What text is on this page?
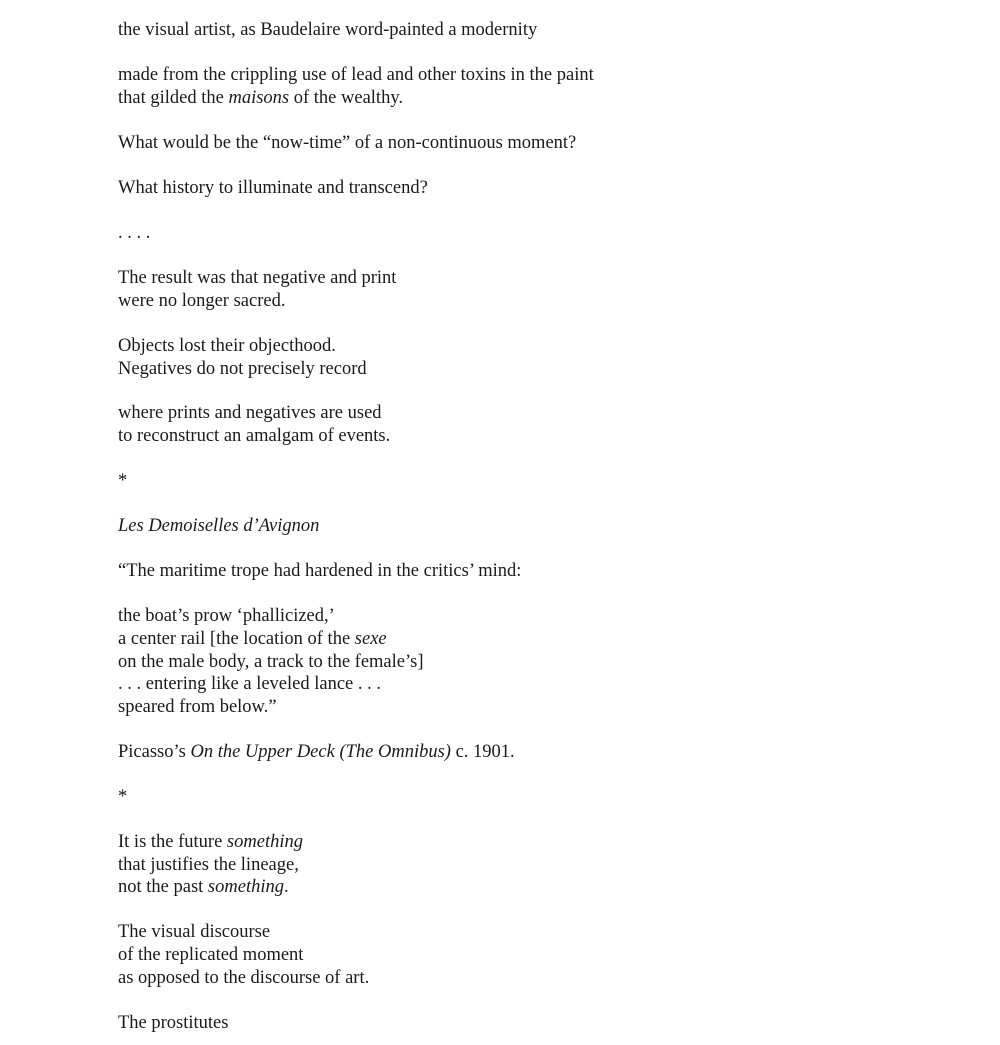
the visual artist, as Baudelaire word-painted a modernity
made from the crippling use of lead and other toxins in the paint
that gilded the maisons of the wealthy.
What would be the “now-time” of a non-continuous moment?
What history to illuminate and transcend?
. . . .
The result was that negative and print
were no longer sacred.
Objects lost their objecthood.
Negatives do not precisely record
where prints and negatives are used
to reconstruct an amalgam of events.
*
Les Demoiselles d’Avignon
“The maritime trope had hardened in the critics’ mind:
the boat’s prow ‘phallicized,’
a center rail [the location of the sexe
on the male body, a track to the female’s]
. . . entering like a leveled lance . . .
speared from below.”
Picasso’s On the Upper Deck (The Omnibus) c. 1901.
*
It is the future something
that justifies the lineage,
not the past something.
The visual discourse
of the replicated moment
as opposed to the discourse of art.
The prostitutes
